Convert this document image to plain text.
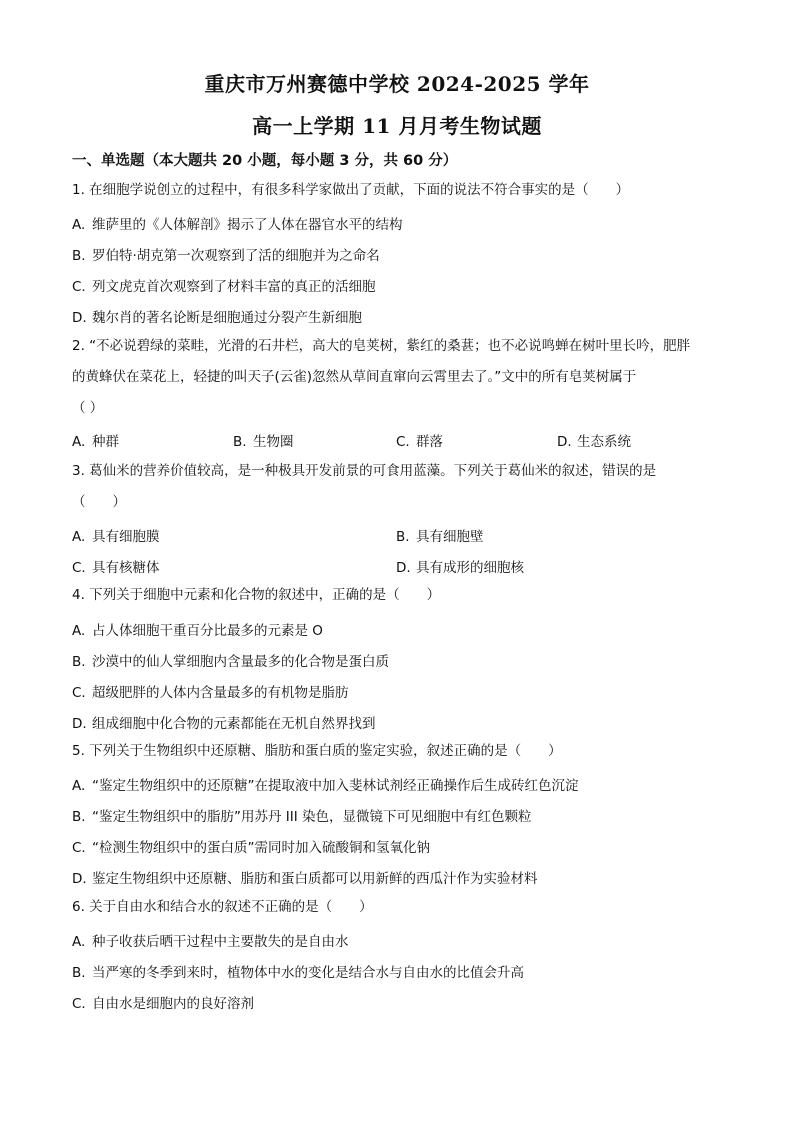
重庆市万州赛德中学校 2024-2025 学年
高一上学期 11 月月考生物试题
一、单选题（本大题共 20 小题，每小题 3 分，共 60 分）
1. 在细胞学说创立的过程中，有很多科学家做出了贡献，下面的说法不符合事实的是（　　）
A. 维萨里的《人体解剖》揭示了人体在器官水平的结构
B. 罗伯特·胡克第一次观察到了活的细胞并为之命名
C. 列文虎克首次观察到了材料丰富的真正的活细胞
D. 魏尔肖的著名论断是细胞通过分裂产生新细胞
2. “不必说碧绿的菜畦，光滑的石井栏，高大的皂荚树，紫红的桑葚；也不必说鸣蝉在树叶里长吟，肥胖
的黄蜂伏在菜花上，轻捷的叫天子(云雀)忽然从草间直窜向云霄里去了。”文中的所有皂荚树属于
（ ）
A. 种群	B. 生物圈	C. 群落	D. 生态系统
3. 葛仙米的营养价值较高，是一种极具开发前景的可食用蓝藻。下列关于葛仙米的叙述，错误的是
（　　）
A. 具有细胞膜	B. 具有细胞壁
C. 具有核糖体	D. 具有成形的细胞核
4. 下列关于细胞中元素和化合物的叙述中，正确的是（　　）
A. 占人体细胞干重百分比最多的元素是 O
B. 沙漠中的仙人掌细胞内含量最多的化合物是蛋白质
C. 超级肥胖的人体内含量最多的有机物是脂肪
D. 组成细胞中化合物的元素都能在无机自然界找到
5. 下列关于生物组织中还原糖、脂肪和蛋白质的鉴定实验，叙述正确的是（　　）
A. “鉴定生物组织中的还原糖”在提取液中加入斐林试剂经正确操作后生成砖红色沉淀
B. “鉴定生物组织中的脂肪”用苏丹 III 染色，显微镜下可见细胞中有红色颗粒
C. “检测生物组织中的蛋白质”需同时加入硫酸铜和氢氧化钠
D. 鉴定生物组织中还原糖、脂肪和蛋白质都可以用新鲜的西瓜汁作为实验材料
6. 关于自由水和结合水的叙述不正确的是（　　）
A. 种子收获后晒干过程中主要散失的是自由水
B. 当严寒的冬季到来时，植物体中水的变化是结合水与自由水的比值会升高
C. 自由水是细胞内的良好溶剂
